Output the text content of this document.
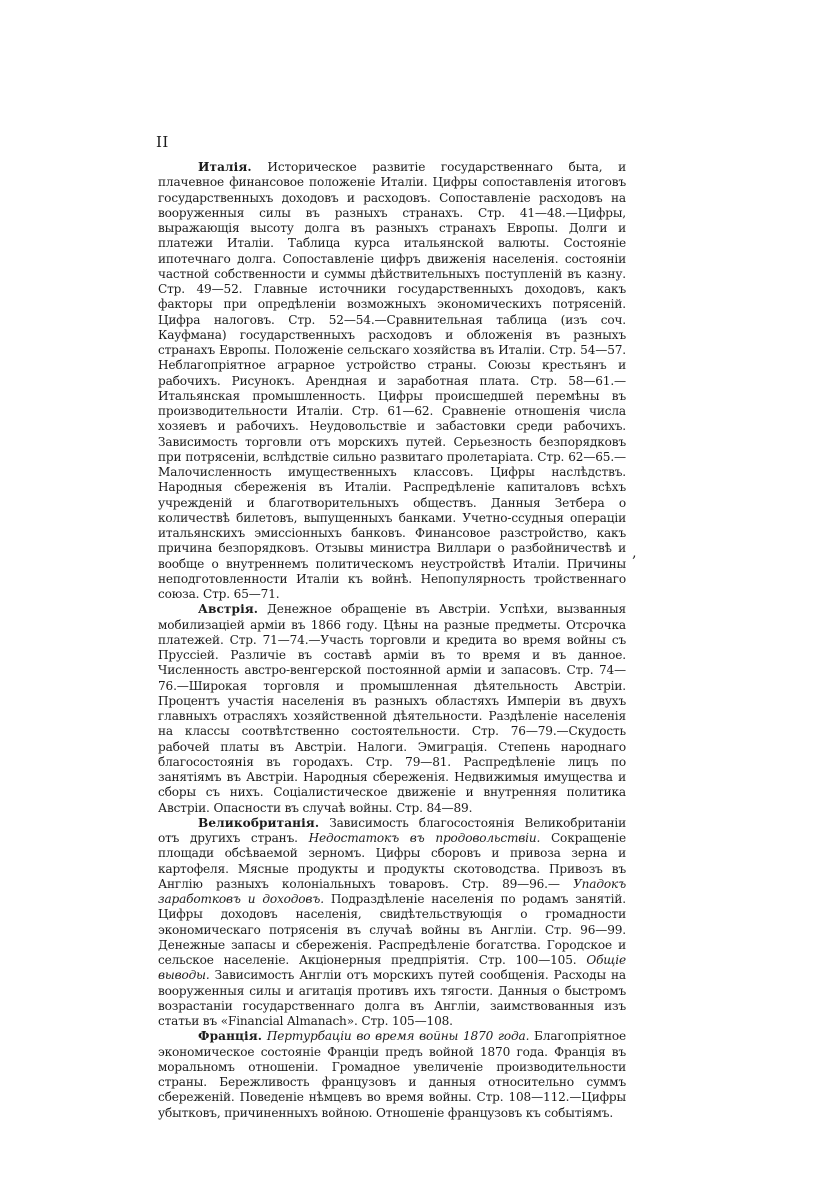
II
‚

Италія. Историческое развитіе государственнаго быта, и плачевное финансовое положеніе Италіи. Цифры сопоставленія итоговъ государственныхъ доходовъ и расходовъ. Сопоставленіе расходовъ на вооруженныя силы въ разныхъ странахъ. Стр. 41—48.—Цифры, выражающія высоту долга въ разныхъ странахъ Европы. Долги и платежи Италіи. Таблица курса итальянской валюты. Состояніе ипотечнаго долга. Сопоставленіе цифръ движенія населенія. состояніи частной собственности и суммы дѣйствительныхъ поступленій въ казну. Стр. 49—52. Главные источники государственныхъ доходовъ, какъ факторы при опредѣленіи возможныхъ экономическихъ потрясеній. Цифра налоговъ. Стр. 52—54.—Сравнительная таблица (изъ соч. Кауфмана) государственныхъ расходовъ и обложенія въ разныхъ странахъ Европы. Положеніе сельскаго хозяйства въ Италіи. Стр. 54—57. Неблагопріятное аграрное устройство страны. Союзы крестьянъ и рабочихъ. Рисунокъ. Арендная и заработная плата. Стр. 58—61.—Итальянская промышленность. Цифры происшедшей перемѣны въ производительности Италіи. Стр. 61—62. Сравненіе отношенія числа хозяевъ и рабочихъ. Неудовольствіе и забастовки среди рабочихъ. Зависимость торговли отъ морскихъ путей. Серьезность безпорядковъ при потрясеніи, вслѣдствіе сильно развитаго пролетаріата. Стр. 62—65.—Малочисленность имущественныхъ классовъ. Цифры наслѣдствъ. Народныя сбереженія въ Италіи. Распредѣленіе капиталовъ всѣхъ учрежденій и благотворительныхъ обществъ. Данныя Зетбера о количествѣ билетовъ, выпущенныхъ банками. Учетно-ссудныя операціи итальянскихъ эмиссіонныхъ банковъ. Финансовое разстройство, какъ причина безпорядковъ. Отзывы министра Виллари о разбойничествѣ и вообще о внутреннемъ политическомъ неустройствѣ Италіи. Причины неподготовленности Италіи къ войнѣ. Непопулярность тройственнаго союза. Стр. 65—71.

Австрія. Денежное обращеніе въ Австріи. Успѣхи, вызванныя мобилизаціей арміи въ 1866 году. Цѣны на разные предметы. Отсрочка платежей. Стр. 71—74.—Участь торговли и кредита во время войны съ Пруссіей. Различіе въ составѣ арміи въ то время и въ данное. Численность австро-венгерской постоянной арміи и запасовъ. Стр. 74—76.—Широкая торговля и промышленная дѣятельность Австріи. Процентъ участія населенія въ разныхъ областяхъ Имперіи въ двухъ главныхъ отрасляхъ хозяйственной дѣятельности. Раздѣленіе населенія на классы соотвѣтственно состоятельности. Стр. 76—79.—Скудость рабочей платы въ Австріи. Налоги. Эмиграція. Степень народнаго благосостоянія въ городахъ. Стр. 79—81. Распредѣленіе лицъ по занятіямъ въ Австріи. Народныя сбереженія. Недвижимыя имущества и сборы съ нихъ. Соціалистическое движеніе и внутренняя политика Австріи. Опасности въ случаѣ войны. Стр. 84—89.

Великобританія. Зависимость благосостоянія Великобританіи отъ другихъ странъ. Недостатокъ въ продовольствіи. Сокращеніе площади обсѣваемой зерномъ. Цифры сборовъ и привоза зерна и картофеля. Мясные продукты и продукты скотоводства. Привозъ въ Англію разныхъ колоніальныхъ товаровъ. Стр. 89—96.— Упадокъ заработковъ и доходовъ. Подраздѣленіе населенія по родамъ занятій. Цифры доходовъ населенія, свидѣтельствующія о громадности экономическаго потрясенія въ случаѣ войны въ Англіи. Стр. 96—99. Денежные запасы и сбереженія. Распредѣленіе богатства. Городское и сельское населеніе. Акціонерныя предпріятія. Стр. 100—105. Общіе выводы. Зависимость Англіи отъ морскихъ путей сообщенія. Расходы на вооруженныя силы и агитація противъ ихъ тягости. Данныя о быстромъ возрастаніи государственнаго долга въ Англіи, заимствованныя изъ статьи въ «Financial Almanach». Стр. 105—108.

Франція. Пертурбаціи во время войны 1870 года. Благопріятное экономическое состояніе Франціи предъ войной 1870 года. Франція въ моральномъ отношеніи. Громадное увеличеніе производительности страны. Бережливость французовъ и данныя относительно суммъ сбереженій. Поведеніе нѣмцевъ во время войны. Стр. 108—112.—Цифры убытковъ, причиненныхъ войною. Отношеніе французовъ къ событіямъ.
